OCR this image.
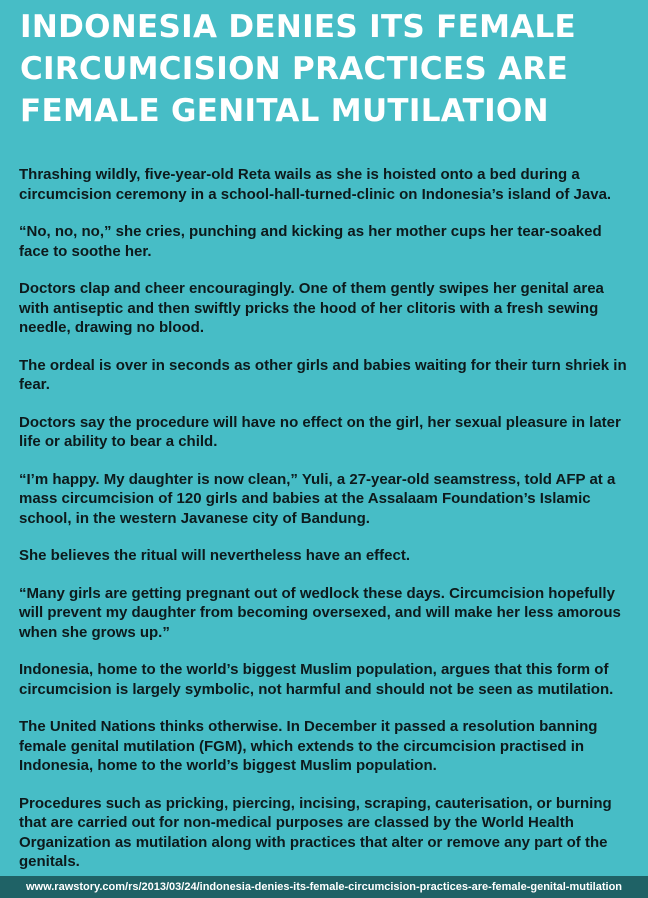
INDONESIA DENIES ITS FEMALE CIRCUMCISION PRACTICES ARE FEMALE GENITAL MUTILATION

Thrashing wildly, five-year-old Reta wails as she is hoisted onto a bed during a circumcision ceremony in a school-hall-turned-clinic on Indonesia’s island of Java.

“No, no, no,” she cries, punching and kicking as her mother cups her tear-soaked face to soothe her.

Doctors clap and cheer encouragingly. One of them gently swipes her genital area with antiseptic and then swiftly pricks the hood of her clitoris with a fresh sewing needle, drawing no blood.

The ordeal is over in seconds as other girls and babies waiting for their turn shriek in fear.

Doctors say the procedure will have no effect on the girl, her sexual pleasure in later life or ability to bear a child.

“I’m happy. My daughter is now clean,” Yuli, a 27-year-old seamstress, told AFP at a mass circumcision of 120 girls and babies at the Assalaam Foundation’s Islamic school, in the western Javanese city of Bandung.

She believes the ritual will nevertheless have an effect.

“Many girls are getting pregnant out of wedlock these days. Circumcision hopefully will prevent my daughter from becoming oversexed, and will make her less amorous when she grows up.”

Indonesia, home to the world’s biggest Muslim population, argues that this form of circumcision is largely symbolic, not harmful and should not be seen as mutilation.

The United Nations thinks otherwise. In December it passed a resolution banning female genital mutilation (FGM), which extends to the circumcision practised in Indonesia, home to the world’s biggest Muslim population.

Procedures such as pricking, piercing, incising, scraping, cauterisation, or burning that are carried out for non-medical purposes are classed by the World Health Organization as mutilation along with practices that alter or remove any part of the genitals.

www.rawstory.com/rs/2013/03/24/indonesia-denies-its-female-circumcision-practices-are-female-genital-mutilation
